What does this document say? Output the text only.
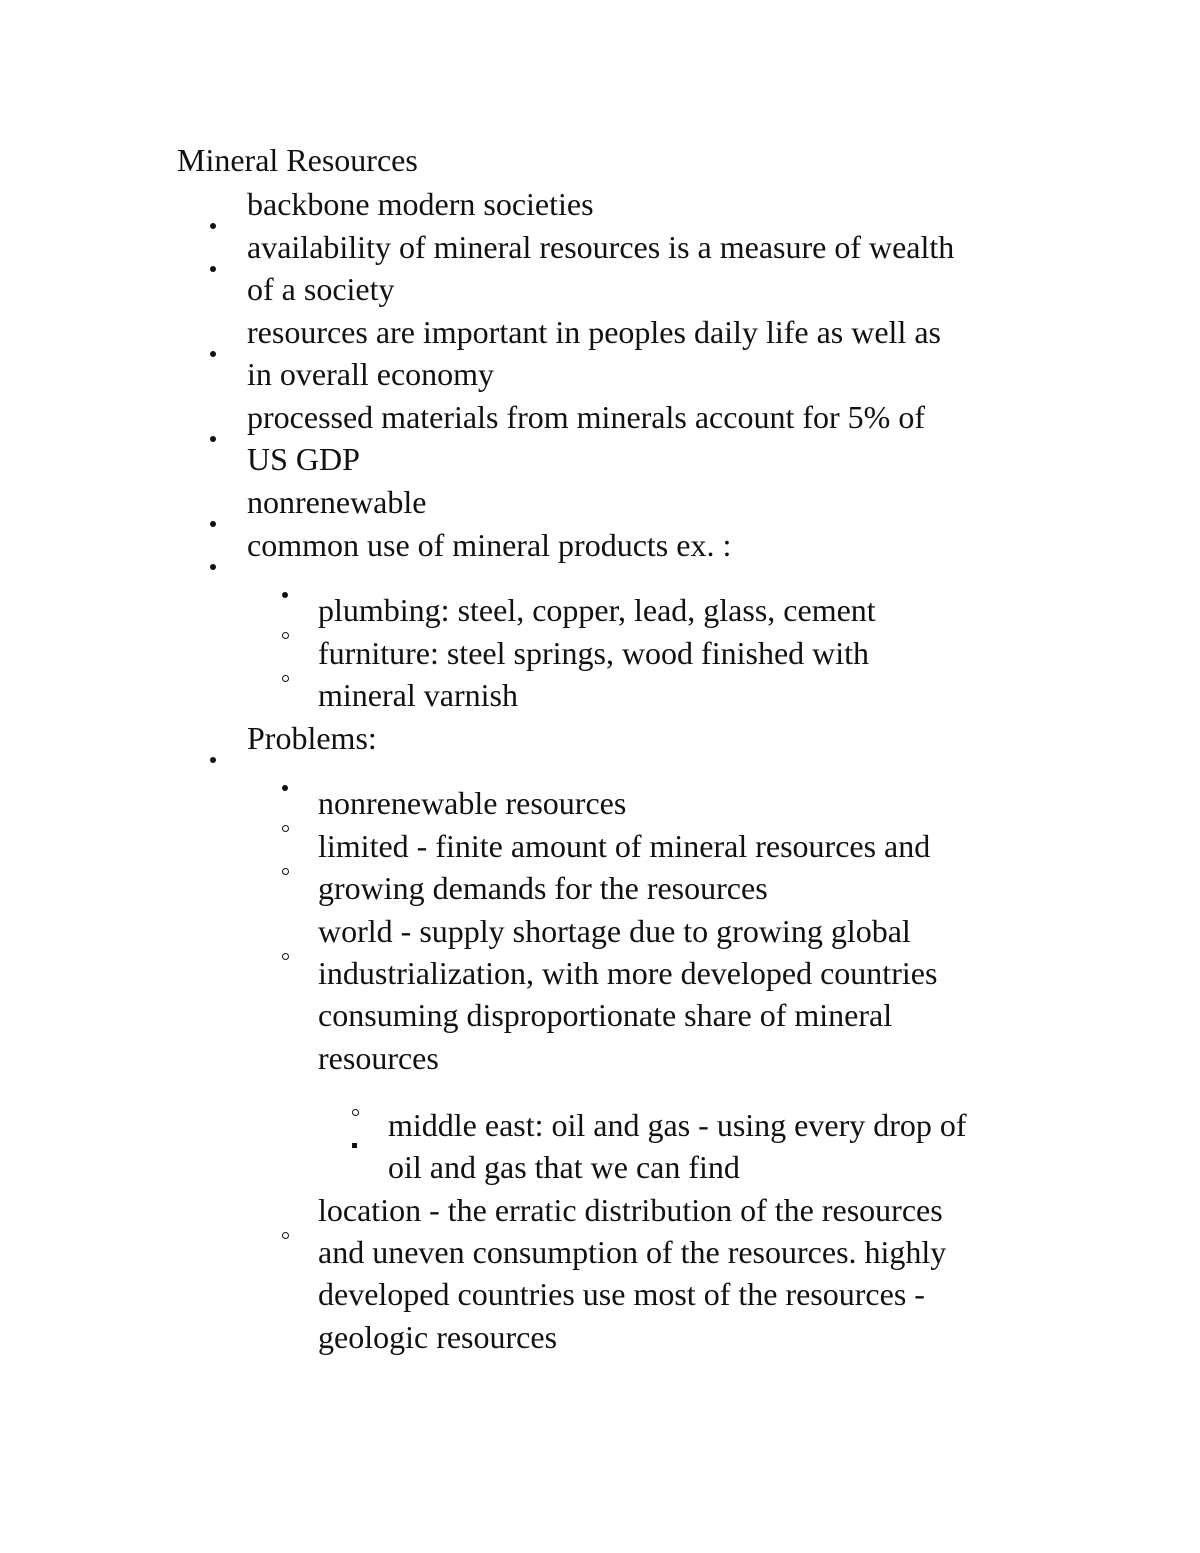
Mineral Resources
backbone modern societies
availability of mineral resources is a measure of wealth
of a society
resources are important in peoples daily life as well as
in overall economy
processed materials from minerals account for 5% of
US GDP
nonrenewable
common use of mineral products ex. :
plumbing: steel, copper, lead, glass, cement
furniture: steel springs, wood finished with
mineral varnish
Problems:
nonrenewable resources
limited - finite amount of mineral resources and
growing demands for the resources
world - supply shortage due to growing global
industrialization, with more developed countries
consuming disproportionate share of mineral
resources
middle east: oil and gas - using every drop of
oil and gas that we can find
location - the erratic distribution of the resources
and uneven consumption of the resources. highly
developed countries use most of the resources -
geologic resources
